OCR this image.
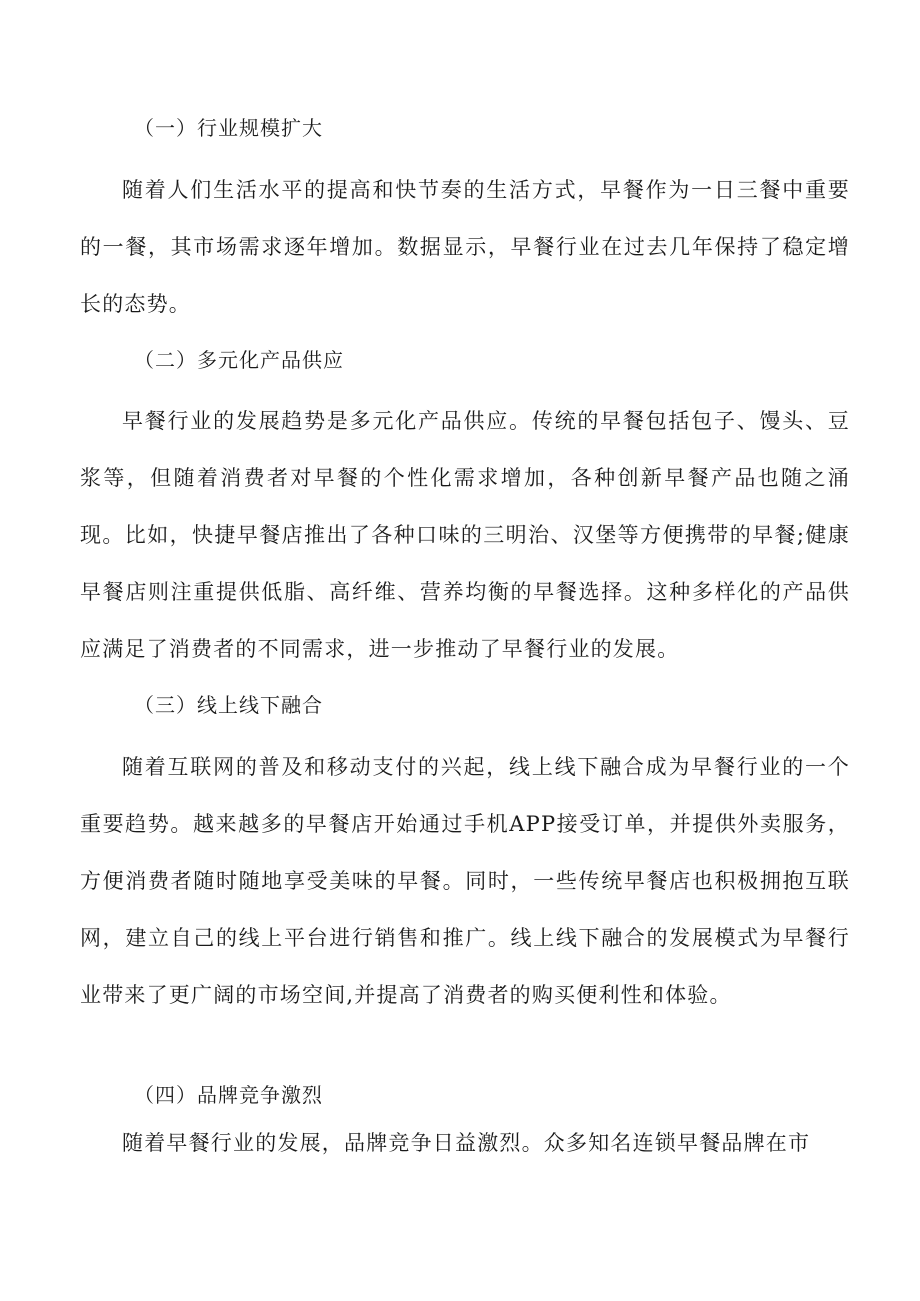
（一）行业规模扩大
随着人们生活水平的提高和快节奏的生活方式，早餐作为一日三餐中重要的一餐，其市场需求逐年增加。数据显示，早餐行业在过去几年保持了稳定增长的态势。
（二）多元化产品供应
早餐行业的发展趋势是多元化产品供应。传统的早餐包括包子、馒头、豆浆等，但随着消费者对早餐的个性化需求增加，各种创新早餐产品也随之涌现。比如，快捷早餐店推出了各种口味的三明治、汉堡等方便携带的早餐;健康早餐店则注重提供低脂、高纤维、营养均衡的早餐选择。这种多样化的产品供应满足了消费者的不同需求，进一步推动了早餐行业的发展。
（三）线上线下融合
随着互联网的普及和移动支付的兴起，线上线下融合成为早餐行业的一个重要趋势。越来越多的早餐店开始通过手机APP接受订单，并提供外卖服务，方便消费者随时随地享受美味的早餐。同时，一些传统早餐店也积极拥抱互联网，建立自己的线上平台进行销售和推广。线上线下融合的发展模式为早餐行业带来了更广阔的市场空间,并提高了消费者的购买便利性和体验。
（四）品牌竞争激烈
随着早餐行业的发展，品牌竞争日益激烈。众多知名连锁早餐品牌在市
